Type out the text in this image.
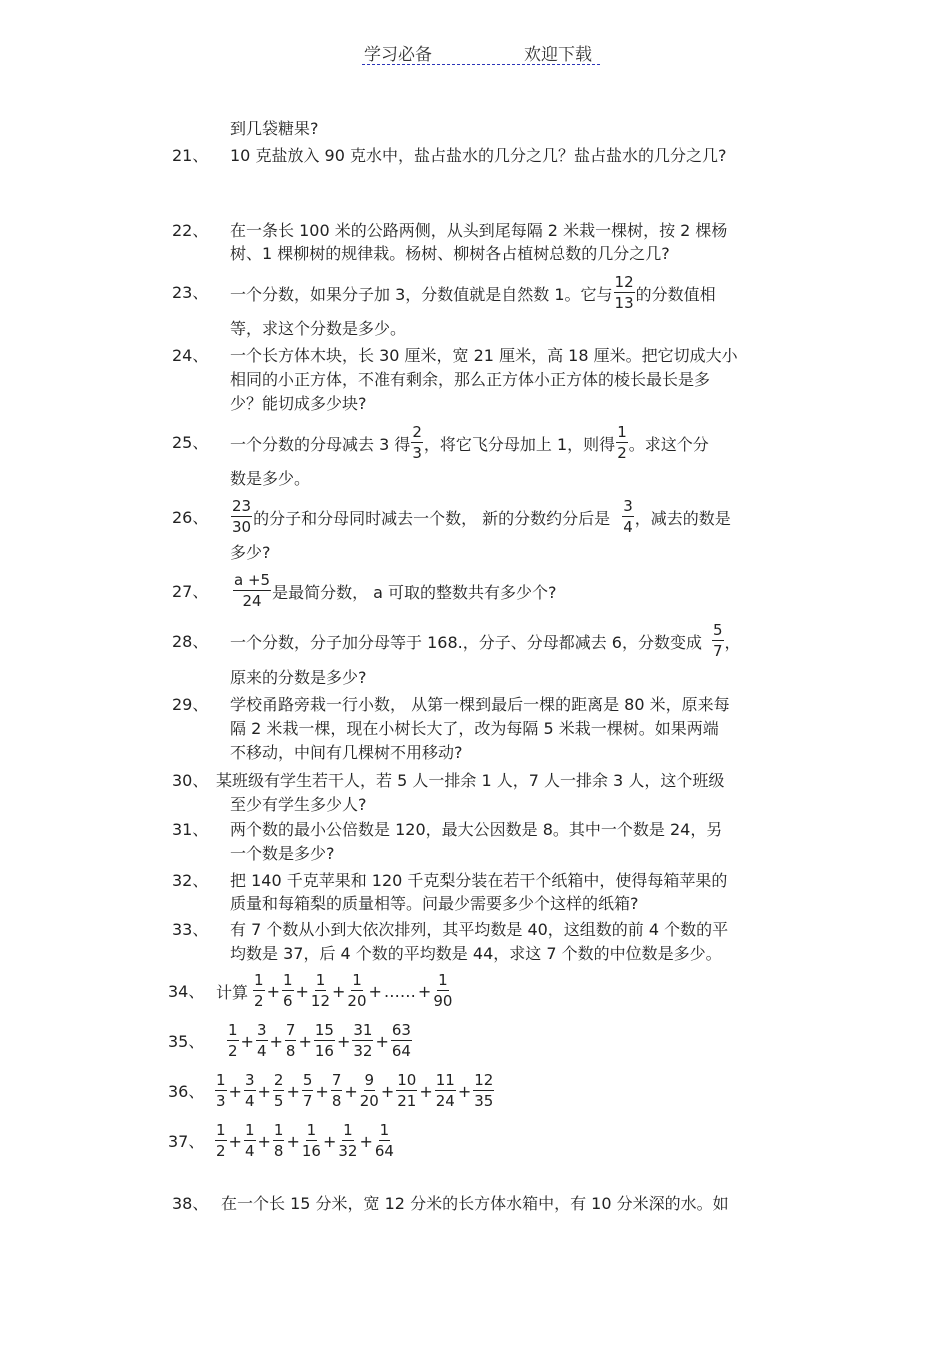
学习必备	欢迎下载
到几袋糖果?
21、 10 克盐放入 90 克水中，盐占盐水的几分之几？盐占盐水的几分之几?
22、 在一条长 100 米的公路两侧，从头到尾每隔 2 米栽一棵树，按 2 棵杨
树、1 棵柳树的规律栽。杨树、柳树各占植树总数的几分之几?
23、 一个分数，如果分子加 3，分数值就是自然数 1。它与 $\frac{12}{13}$ 的分数值相
等，求这个分数是多少。
24、 一个长方体木块，长 30 厘米，宽 21 厘米，高 18 厘米。把它切成大小
相同的小正方体，不准有剩余，那么正方体小正方体的棱长最长是多
少？能切成多少块?
25、 一个分数的分母减去 3 得 $\frac{2}{3}$ ，将它飞分母加上 1，则得 $\frac{1}{2}$ 。求这个分
数是多少。
26、 $\frac{23}{30}$ 的分子和分母同时减去一个数， 新的分数约分后是 $\frac{3}{4}$ ，减去的数是
多少?
27、 $\frac{a +5}{24}$ 是最简分数， a 可取的整数共有多少个?
28、 一个分数，分子加分母等于 168.，分子、分母都减去 6，分数变成 $\frac{5}{7}$ ，
原来的分数是多少?
29、 学校甬路旁栽一行小数， 从第一棵到最后一棵的距离是 80 米，原来每
隔 2 米栽一棵，现在小树长大了，改为每隔 5 米栽一棵树。如果两端
不移动，中间有几棵树不用移动?
30、 某班级有学生若干人，若 5 人一排余 1 人，7 人一排余 3 人，这个班级
至少有学生多少人?
31、 两个数的最小公倍数是 120，最大公因数是 8。其中一个数是 24，另
一个数是多少?
32、 把 140 千克苹果和 120 千克梨分装在若干个纸箱中，使得每箱苹果的
质量和每箱梨的质量相等。问最少需要多少个这样的纸箱?
33、 有 7 个数从小到大依次排列，其平均数是 40，这组数的前 4 个数的平
均数是 37，后 4 个数的平均数是 44，求这 7 个数的中位数是多少。
34、 计算 $\frac{1}{2} + \frac{1}{6} + \frac{1}{12} + \frac{1}{20}$ + …… + $\frac{1}{90}$
35、 $\frac{1}{2} + \frac{3}{4} + \frac{7}{8} + \frac{15}{16} + \frac{31}{32} + \frac{63}{64}$
36、 $\frac{1}{3} + \frac{3}{4} + \frac{2}{5} + \frac{5}{7} + \frac{7}{8} + \frac{9}{20} + \frac{10}{21} + \frac{11}{24} + \frac{12}{35}$
37、 $\frac{1}{2} + \frac{1}{4} + \frac{1}{8} + \frac{1}{16} + \frac{1}{32} + \frac{1}{64}$
38、 在一个长 15 分米，宽 12 分米的长方体水箱中，有 10 分米深的水。如
